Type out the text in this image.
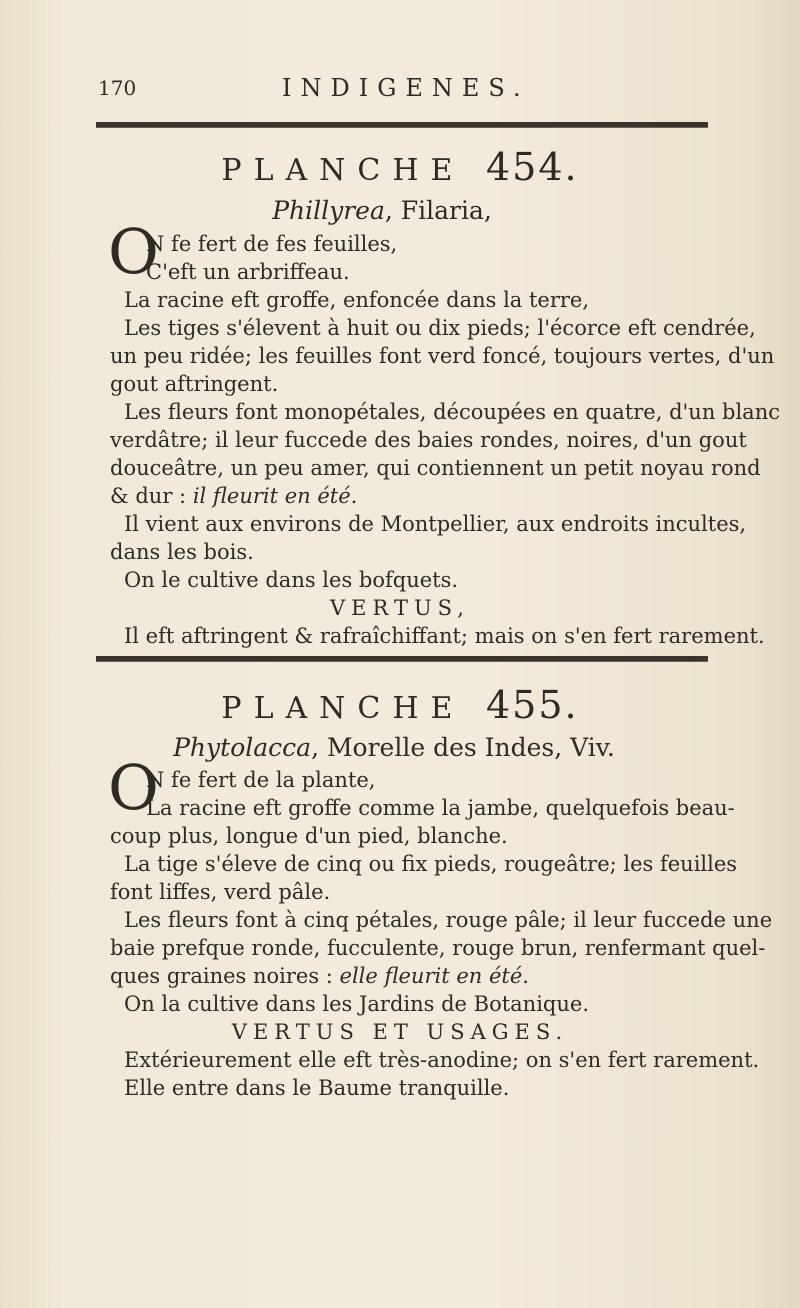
170	INDIGENES.
PLANCHE 454.
Phillyrea, Filaria,
O
N fe fert de fes feuilles,
C'eft un arbriffeau.
La racine eft groffe, enfoncée dans la terre,
Les tiges s'élevent à huit ou dix pieds; l'écorce eft cendrée,
un peu ridée; les feuilles font verd foncé, toujours vertes, d'un
gout aftringent.
Les fleurs font monopétales, découpées en quatre, d'un blanc
verdâtre; il leur fuccede des baies rondes, noires, d'un gout
douceâtre, un peu amer, qui contiennent un petit noyau rond
& dur : il fleurit en été.
Il vient aux environs de Montpellier, aux endroits incultes,
dans les bois.
On le cultive dans les bofquets.
VERTUS,
Il eft aftringent & rafraîchiffant; mais on s'en fert rarement.
PLANCHE 455.
Phytolacca, Morelle des Indes, Viv.
O
N fe fert de la plante,
La racine eft groffe comme la jambe, quelquefois beau-
coup plus, longue d'un pied, blanche.
La tige s'éleve de cinq ou fix pieds, rougeâtre; les feuilles
font liffes, verd pâle.
Les fleurs font à cinq pétales, rouge pâle; il leur fuccede une
baie prefque ronde, fucculente, rouge brun, renfermant quel-
ques graines noires : elle fleurit en été.
On la cultive dans les Jardins de Botanique.
VERTUS ET USAGES.
Extérieurement elle eft très-anodine; on s'en fert rarement.
Elle entre dans le Baume tranquille.
